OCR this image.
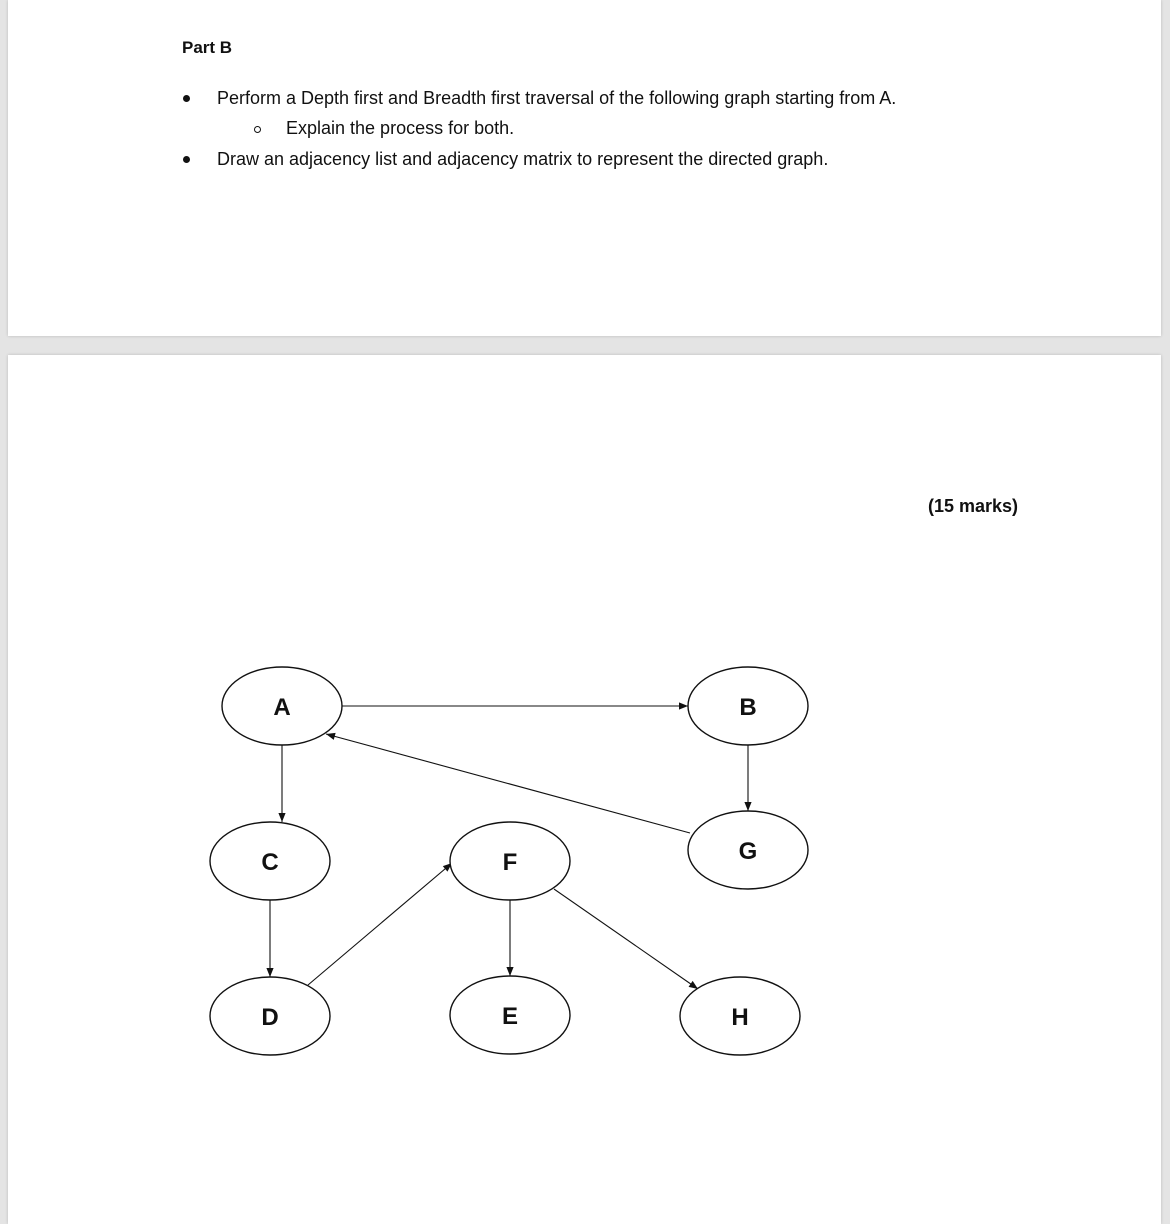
Part B
Perform a Depth first and Breadth first traversal of the following graph starting from A.
Explain the process for both.
Draw an adjacency list and adjacency matrix to represent the directed graph.
(15 marks)
A	B
C
D	E
F	G
H
